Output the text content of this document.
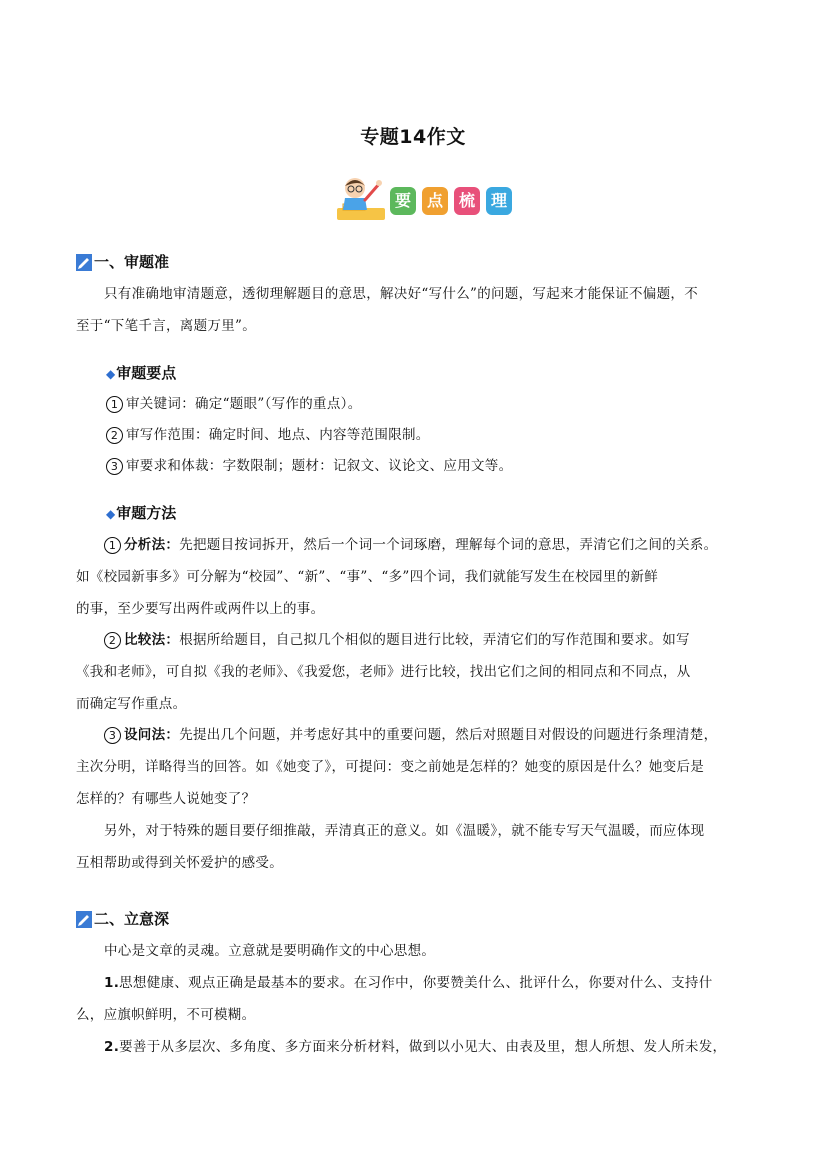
专题14作文
要 点 梳 理
一、审题准
只有准确地审清题意，透彻理解题目的意思，解决好“写什么”的问题，写起来才能保证不偏题，不
至于“下笔千言，离题万里”。
◆审题要点
1 审关键词：确定“题眼”（写作的重点）。
2 审写作范围：确定时间、地点、内容等范围限制。
3 审要求和体裁：字数限制；题材：记叙文、议论文、应用文等。
◆审题方法
1 分析法：先把题目按词拆开，然后一个词一个词琢磨，理解每个词的意思，弄清它们之间的关系。
如《校园新事多》可分解为“校园”、“新”、“事”、“多”四个词，我们就能写发生在校园里的新鲜
的事，至少要写出两件或两件以上的事。
2 比较法：根据所给题目，自己拟几个相似的题目进行比较，弄清它们的写作范围和要求。如写
《我和老师》，可自拟《我的老师》、《我爱您，老师》进行比较，找出它们之间的相同点和不同点，从
而确定写作重点。
3 设问法：先提出几个问题，并考虑好其中的重要问题，然后对照题目对假设的问题进行条理清楚，
主次分明，详略得当的回答。如《她变了》，可提问：变之前她是怎样的？她变的原因是什么？她变后是
怎样的？有哪些人说她变了？
另外，对于特殊的题目要仔细推敲，弄清真正的意义。如《温暖》，就不能专写天气温暖，而应体现
互相帮助或得到关怀爱护的感受。
二、立意深
中心是文章的灵魂。立意就是要明确作文的中心思想。
1.思想健康、观点正确是最基本的要求。在习作中，你要赞美什么、批评什么，你要对什么、支持什
么，应旗帜鲜明，不可模糊。
2.要善于从多层次、多角度、多方面来分析材料，做到以小见大、由表及里，想人所想、发人所未发，
